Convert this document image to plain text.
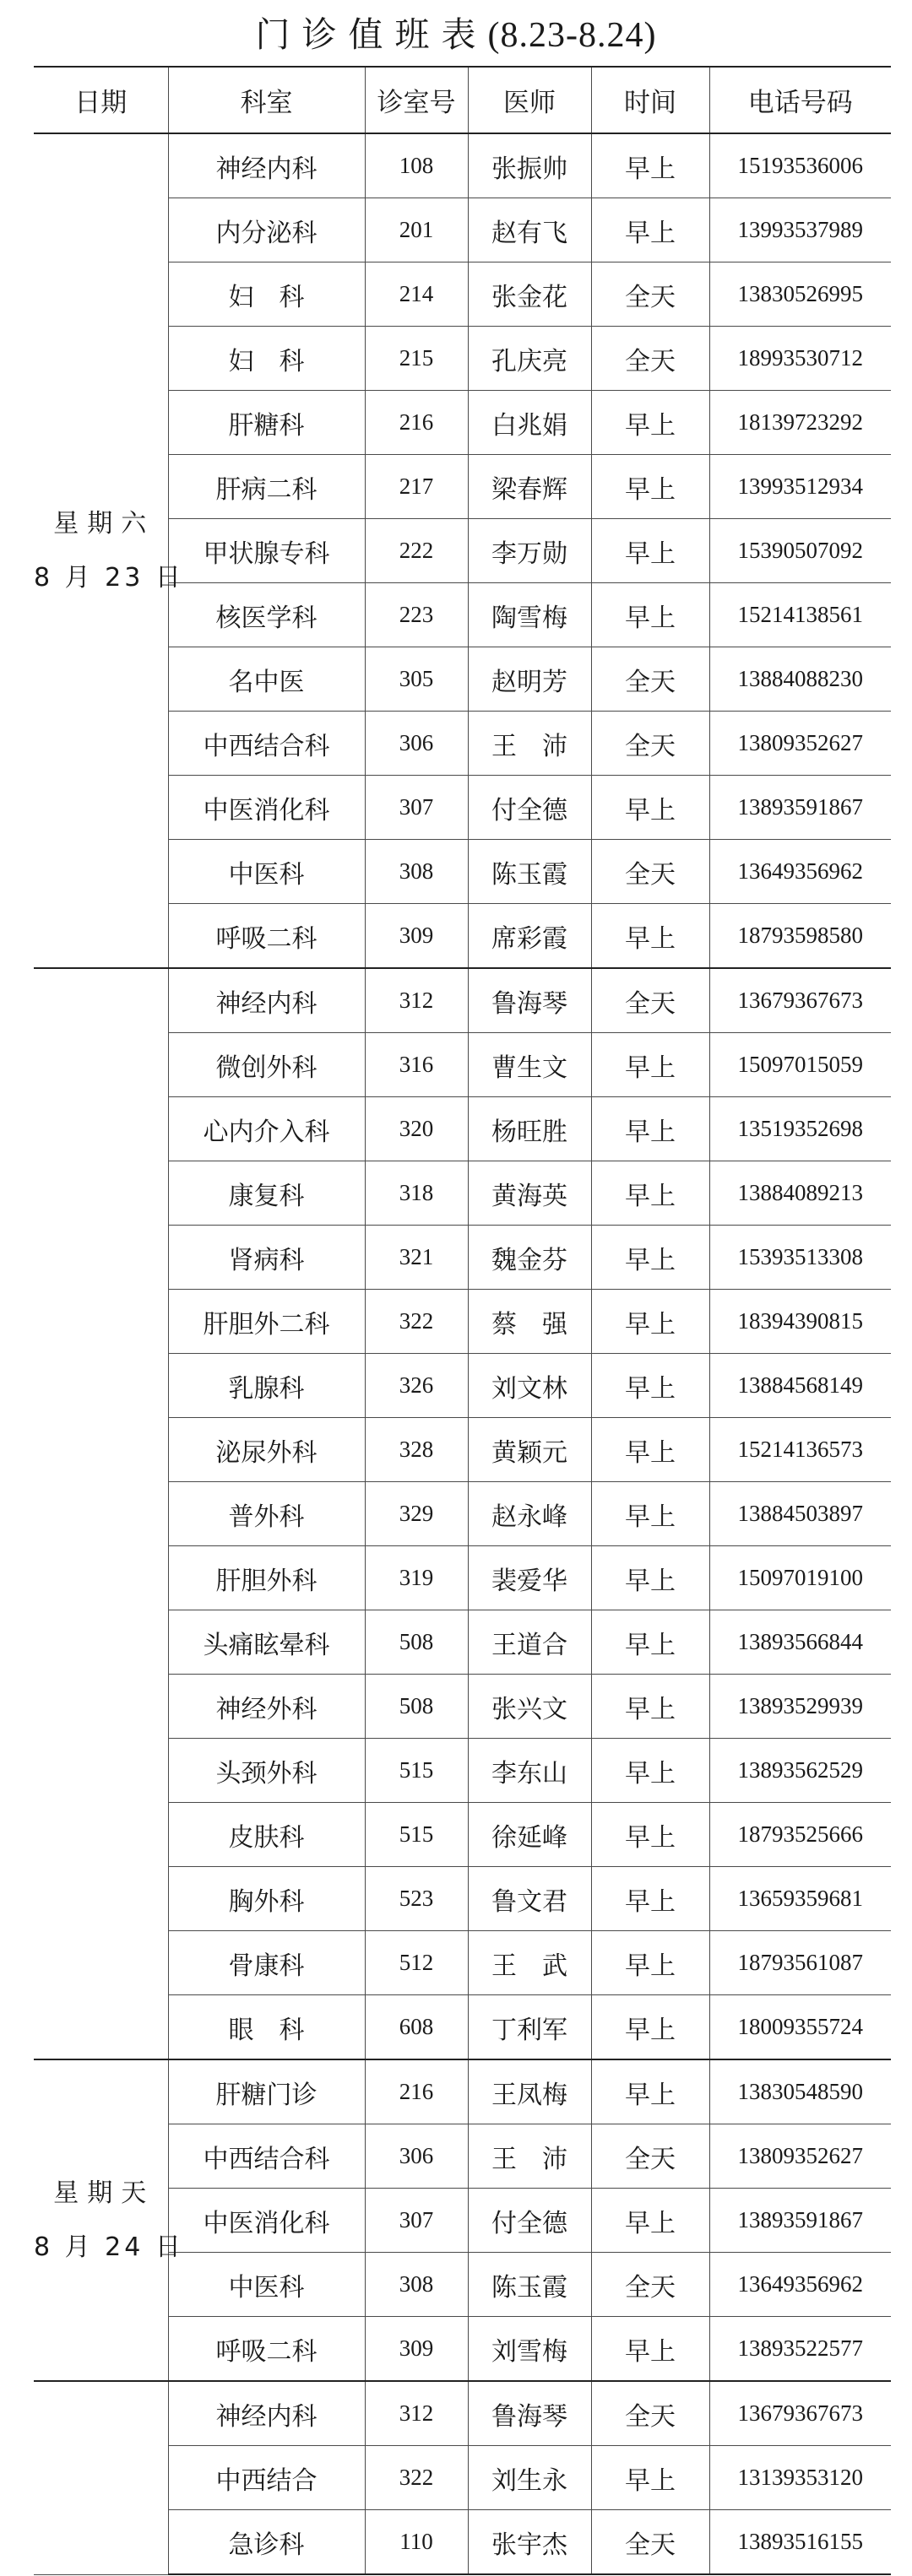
门诊值班表(8.23-8.24)
日期	科室	诊室号	医师	时间	电话号码

星期六
8 月 23 日	神经内科	108	张振帅	早上	15193536006
	内分泌科	201	赵有飞	早上	13993537989
	妇　科	214	张金花	全天	13830526995
	妇　科	215	孔庆亮	全天	18993530712
	肝糖科	216	白兆娟	早上	18139723292
	肝病二科	217	梁春辉	早上	13993512934
	甲状腺专科	222	李万勋	早上	15390507092
	核医学科	223	陶雪梅	早上	15214138561
	名中医	305	赵明芳	全天	13884088230
	中西结合科	306	王　沛	全天	13809352627
	中医消化科	307	付全德	早上	13893591867
	中医科	308	陈玉霞	全天	13649356962
	呼吸二科	309	席彩霞	早上	18793598580

	神经内科	312	鲁海琴	全天	13679367673
	微创外科	316	曹生文	早上	15097015059
	心内介入科	320	杨旺胜	早上	13519352698
	康复科	318	黄海英	早上	13884089213
	肾病科	321	魏金芬	早上	15393513308
	肝胆外二科	322	蔡　强	早上	18394390815
	乳腺科	326	刘文林	早上	13884568149
	泌尿外科	328	黄颖元	早上	15214136573
	普外科	329	赵永峰	早上	13884503897
	肝胆外科	319	裴爱华	早上	15097019100
	头痛眩晕科	508	王道合	早上	13893566844
	神经外科	508	张兴文	早上	13893529939
	头颈外科	515	李东山	早上	13893562529
	皮肤科	515	徐延峰	早上	18793525666
	胸外科	523	鲁文君	早上	13659359681
	骨康科	512	王　武	早上	18793561087
	眼　科	608	丁利军	早上	18009355724

星期天
8 月 24 日	肝糖门诊	216	王凤梅	早上	13830548590
	中西结合科	306	王　沛	全天	13809352627
	中医消化科	307	付全德	早上	13893591867
	中医科	308	陈玉霞	全天	13649356962
	呼吸二科	309	刘雪梅	早上	13893522577

	神经内科	312	鲁海琴	全天	13679367673
	中西结合	322	刘生永	早上	13139353120
	急诊科	110	张宇杰	全天	13893516155
